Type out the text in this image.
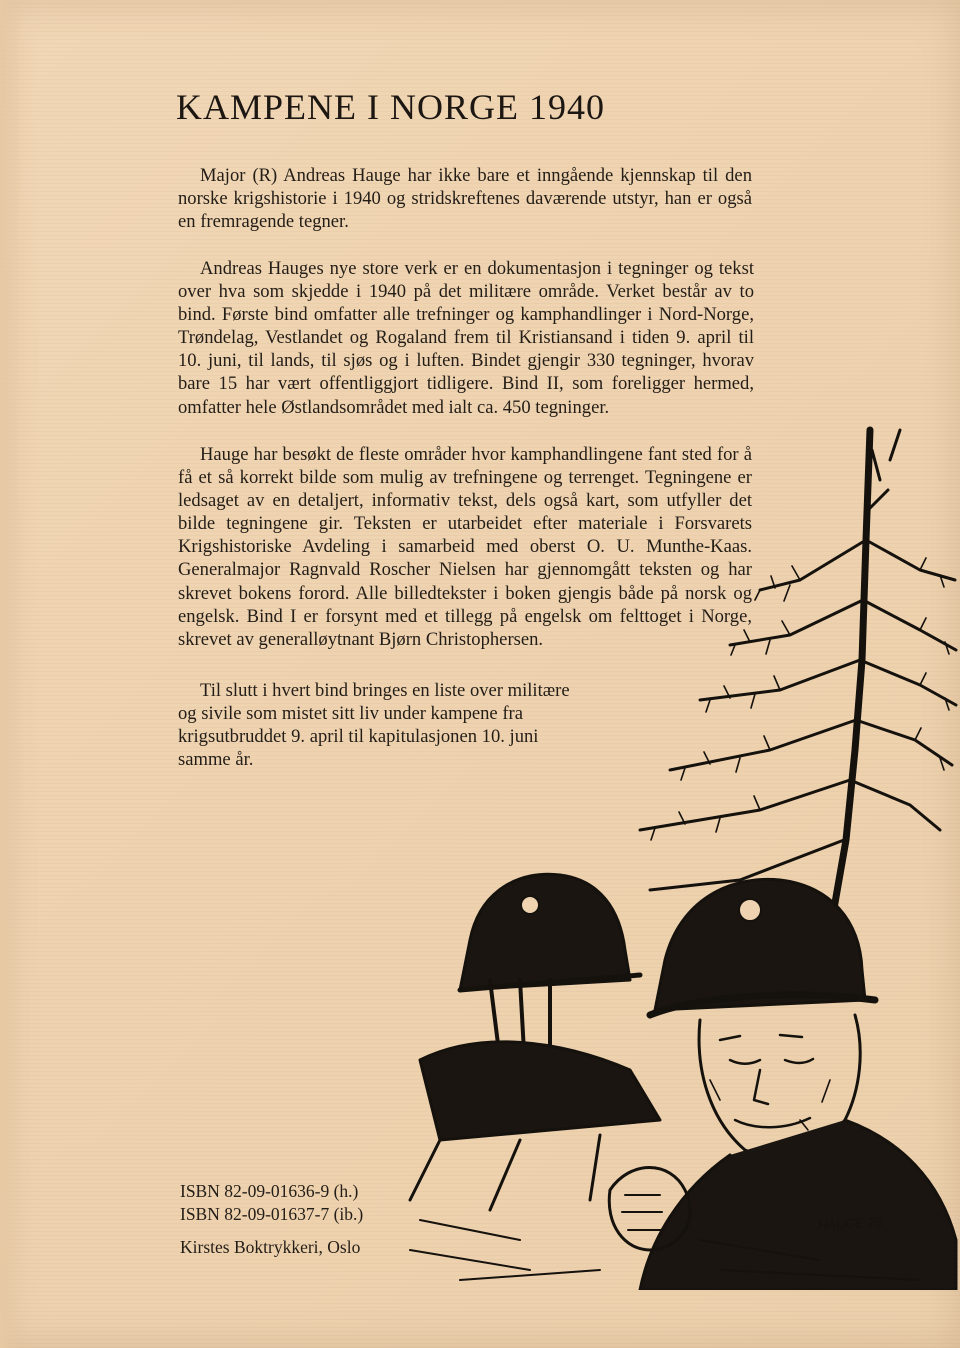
KAMPENE I NORGE 1940

Major (R) Andreas Hauge har ikke bare et inngående kjennskap til den norske krigshistorie i 1940 og stridskreftenes daværende utstyr, han er også en fremragende tegner.

Andreas Hauges nye store verk er en dokumentasjon i tegninger og tekst over hva som skjedde i 1940 på det militære område. Verket består av to bind. Første bind omfatter alle trefninger og kamphandlinger i Nord-Norge, Trøndelag, Vestlandet og Rogaland frem til Kristiansand i tiden 9. april til 10. juni, til lands, til sjøs og i luften. Bindet gjengir 330 tegninger, hvorav bare 15 har vært offentliggjort tidligere. Bind II, som foreligger hermed, omfatter hele Østlandsområdet med ialt ca. 450 tegninger.

Hauge har besøkt de fleste områder hvor kamphandlingene fant sted for å få et så korrekt bilde som mulig av trefningene og terrenget. Tegningene er ledsaget av en detaljert, informativ tekst, dels også kart, som utfyller det bilde tegningene gir. Teksten er utarbeidet efter materiale i Forsvarets Krigshistoriske Avdeling i samarbeid med oberst O. U. Munthe-Kaas. Generalmajor Ragnvald Roscher Nielsen har gjennomgått teksten og har skrevet bokens forord. Alle billedtekster i boken gjengis både på norsk og engelsk. Bind I er forsynt med et tillegg på engelsk om felttoget i Norge, skrevet av generalløytnant Bjørn Christophersen.

Til slutt i hvert bind bringes en liste over militære og sivile som mistet sitt liv under kampene fra krigsutbruddet 9. april til kapitulasjonen 10. juni samme år.

HAUGE 78
ISBN 82-09-01636-9 (h.)
ISBN 82-09-01637-7 (ib.)
Kirstes Boktrykkeri, Oslo
